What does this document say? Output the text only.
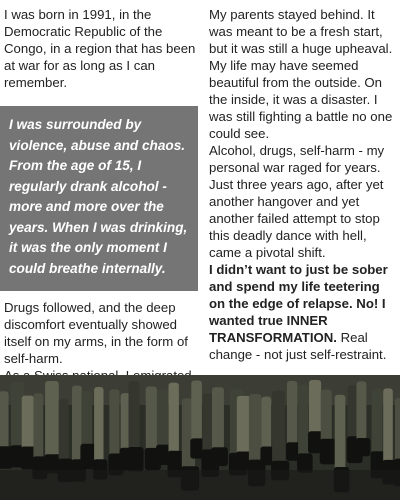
I was born in 1991, in the Democratic Republic of the Congo, in a region that has been at war for as long as I can remember.

I was surrounded by violence, abuse and chaos. From the age of 15, I regularly drank alcohol - more and more over the years. When I was drinking, it was the only moment I could breathe internally.

Drugs followed, and the deep discomfort eventually showed itself on my arms, in the form of self-harm.

My parents stayed behind. It was meant to be a fresh start, but it was still a huge upheaval. My life may have seemed beautiful from the outside. On the inside, it was a disaster. I was still fighting a battle no one could see.

Alcohol, drugs, self-harm - my personal war raged for years.

Just three years ago, after yet another hangover and yet another failed attempt to stop this deadly dance with hell, came a pivotal shift.

I didn’t want to just be sober and spend my life teetering on the edge of relapse. No! I wanted true INNER TRANSFORMATION. Real change - not just self-restraint.
